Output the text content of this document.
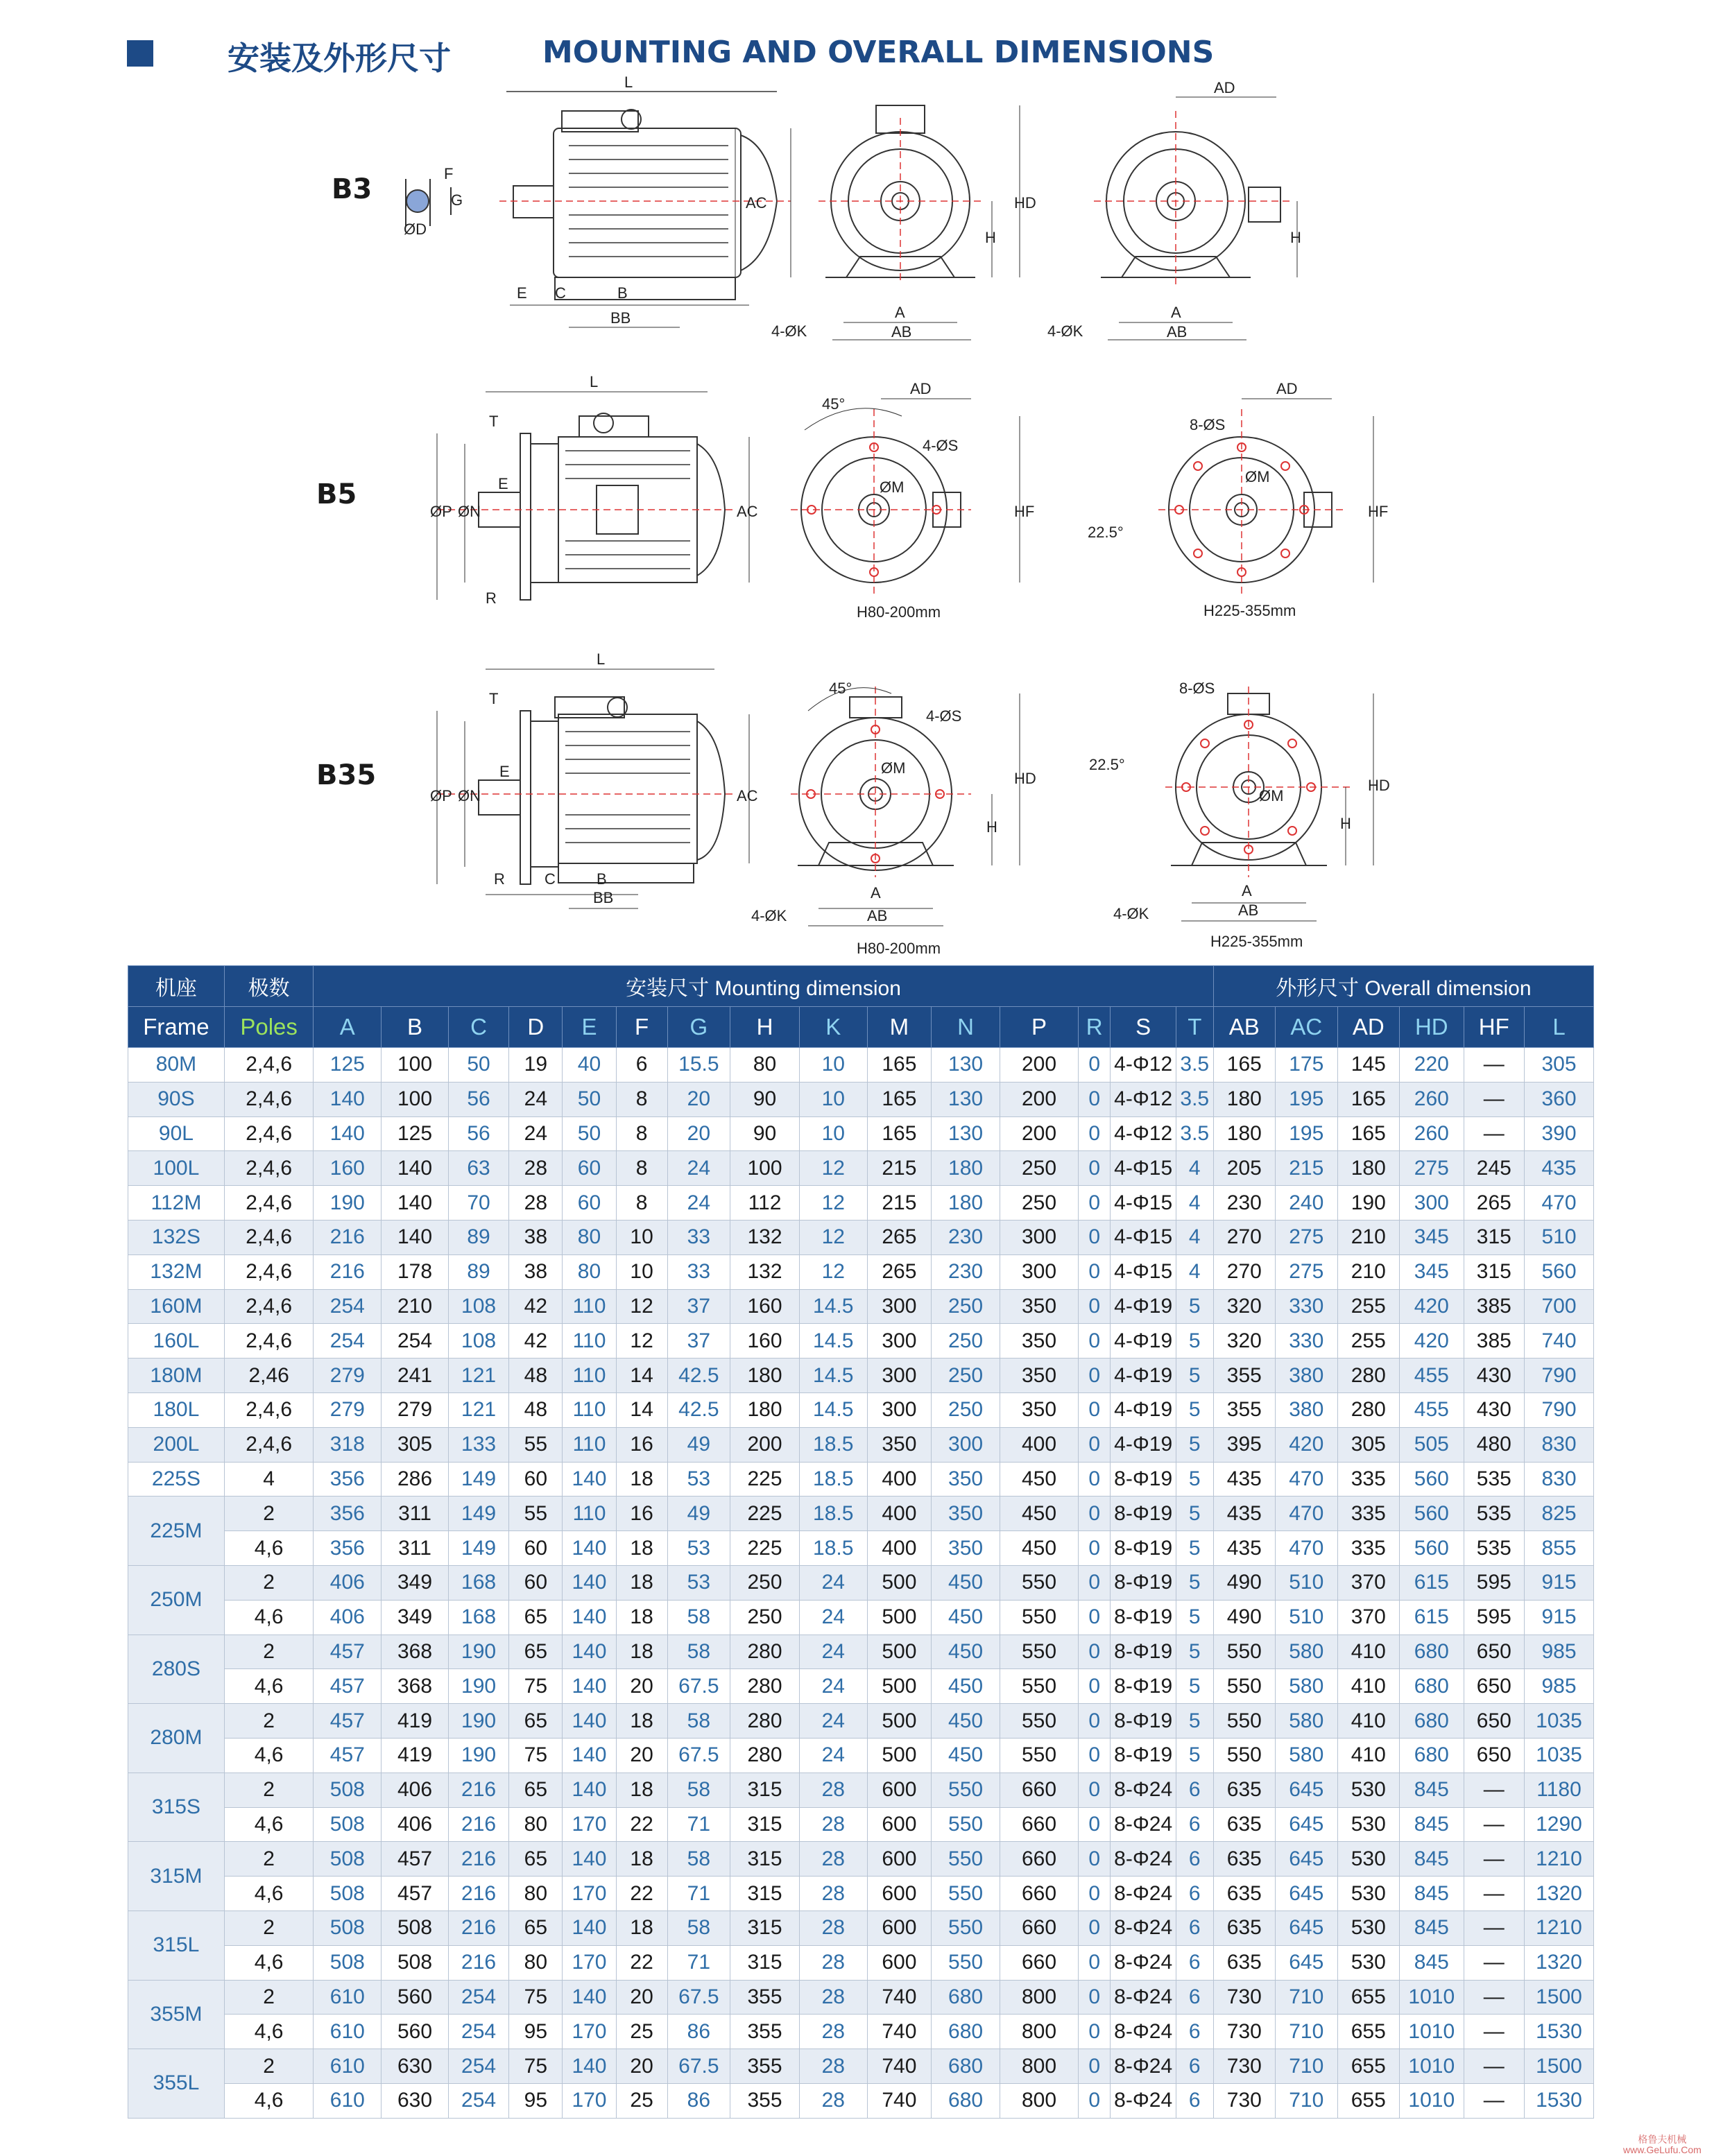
安装及外形尺寸	MOUNTING AND OVERALL DIMENSIONS
B3
L
F
G
ØD
AC
E C	B
BB
HD
H
4-ØK
A
AB
AD
H
4-ØK
A
AB
B5
H80-200mm	H225-355mm
L
T
ØP ØN
E
R
AC
45°
AD
4-ØS
ØM
HF
8-ØS
AD
ØM
22.5°
HF
B35
H80-200mm	H225-355mm
L
T
ØP ØN
E
R	C	B
BB
AC
45°
4-ØS
ØM
HD
H
A
AB
4-ØK
8-ØS
22.5°
ØM
HD
H
A
AB
4-ØK
机座	极数	安装尺寸 Mounting dimension															外形尺寸 Overall dimension					
Frame	Poles	A	B	C	D	E	F	G	H	K	M	N	P	R	S	T	AB	AC	AD	HD	HF	L
80M	2,4,6	125	100	50	19	40	6	15.5	80	10	165	130	200	0	4-Φ12	3.5	165	175	145	220	—	305
90S	2,4,6	140	100	56	24	50	8	20	90	10	165	130	200	0	4-Φ12	3.5	180	195	165	260	—	360
90L	2,4,6	140	125	56	24	50	8	20	90	10	165	130	200	0	4-Φ12	3.5	180	195	165	260	—	390
100L	2,4,6	160	140	63	28	60	8	24	100	12	215	180	250	0	4-Φ15	4	205	215	180	275	245	435
112M	2,4,6	190	140	70	28	60	8	24	112	12	215	180	250	0	4-Φ15	4	230	240	190	300	265	470
132S	2,4,6	216	140	89	38	80	10	33	132	12	265	230	300	0	4-Φ15	4	270	275	210	345	315	510
132M	2,4,6	216	178	89	38	80	10	33	132	12	265	230	300	0	4-Φ15	4	270	275	210	345	315	560
160M	2,4,6	254	210	108	42	110	12	37	160	14.5	300	250	350	0	4-Φ19	5	320	330	255	420	385	700
160L	2,4,6	254	254	108	42	110	12	37	160	14.5	300	250	350	0	4-Φ19	5	320	330	255	420	385	740
180M	2,46	279	241	121	48	110	14	42.5	180	14.5	300	250	350	0	4-Φ19	5	355	380	280	455	430	790
180L	2,4,6	279	279	121	48	110	14	42.5	180	14.5	300	250	350	0	4-Φ19	5	355	380	280	455	430	790
200L	2,4,6	318	305	133	55	110	16	49	200	18.5	350	300	400	0	4-Φ19	5	395	420	305	505	480	830
225S	4	356	286	149	60	140	18	53	225	18.5	400	350	450	0	8-Φ19	5	435	470	335	560	535	830
225M	2	356	311	149	55	110	16	49	225	18.5	400	350	450	0	8-Φ19	5	435	470	335	560	535	825
	4,6	356	311	149	60	140	18	53	225	18.5	400	350	450	0	8-Φ19	5	435	470	335	560	535	855
250M	2	406	349	168	60	140	18	53	250	24	500	450	550	0	8-Φ19	5	490	510	370	615	595	915
	4,6	406	349	168	65	140	18	58	250	24	500	450	550	0	8-Φ19	5	490	510	370	615	595	915
280S	2	457	368	190	65	140	18	58	280	24	500	450	550	0	8-Φ19	5	550	580	410	680	650	985
	4,6	457	368	190	75	140	20	67.5	280	24	500	450	550	0	8-Φ19	5	550	580	410	680	650	985
280M	2	457	419	190	65	140	18	58	280	24	500	450	550	0	8-Φ19	5	550	580	410	680	650	1035
	4,6	457	419	190	75	140	20	67.5	280	24	500	450	550	0	8-Φ19	5	550	580	410	680	650	1035
315S	2	508	406	216	65	140	18	58	315	28	600	550	660	0	8-Φ24	6	635	645	530	845	—	1180
	4,6	508	406	216	80	170	22	71	315	28	600	550	660	0	8-Φ24	6	635	645	530	845	—	1290
315M	2	508	457	216	65	140	18	58	315	28	600	550	660	0	8-Φ24	6	635	645	530	845	—	1210
	4,6	508	457	216	80	170	22	71	315	28	600	550	660	0	8-Φ24	6	635	645	530	845	—	1320
315L	2	508	508	216	65	140	18	58	315	28	600	550	660	0	8-Φ24	6	635	645	530	845	—	1210
	4,6	508	508	216	80	170	22	71	315	28	600	550	660	0	8-Φ24	6	635	645	530	845	—	1320
355M	2	610	560	254	75	140	20	67.5	355	28	740	680	800	0	8-Φ24	6	730	710	655	1010	—	1500
	4,6	610	560	254	95	170	25	86	355	28	740	680	800	0	8-Φ24	6	730	710	655	1010	—	1530
355L	2	610	630	254	75	140	20	67.5	355	28	740	680	800	0	8-Φ24	6	730	710	655	1010	—	1500
	4,6	610	630	254	95	170	25	86	355	28	740	680	800	0	8-Φ24	6	730	710	655	1010	—	1530
格鲁夫机械
www.GeLufu.Com
